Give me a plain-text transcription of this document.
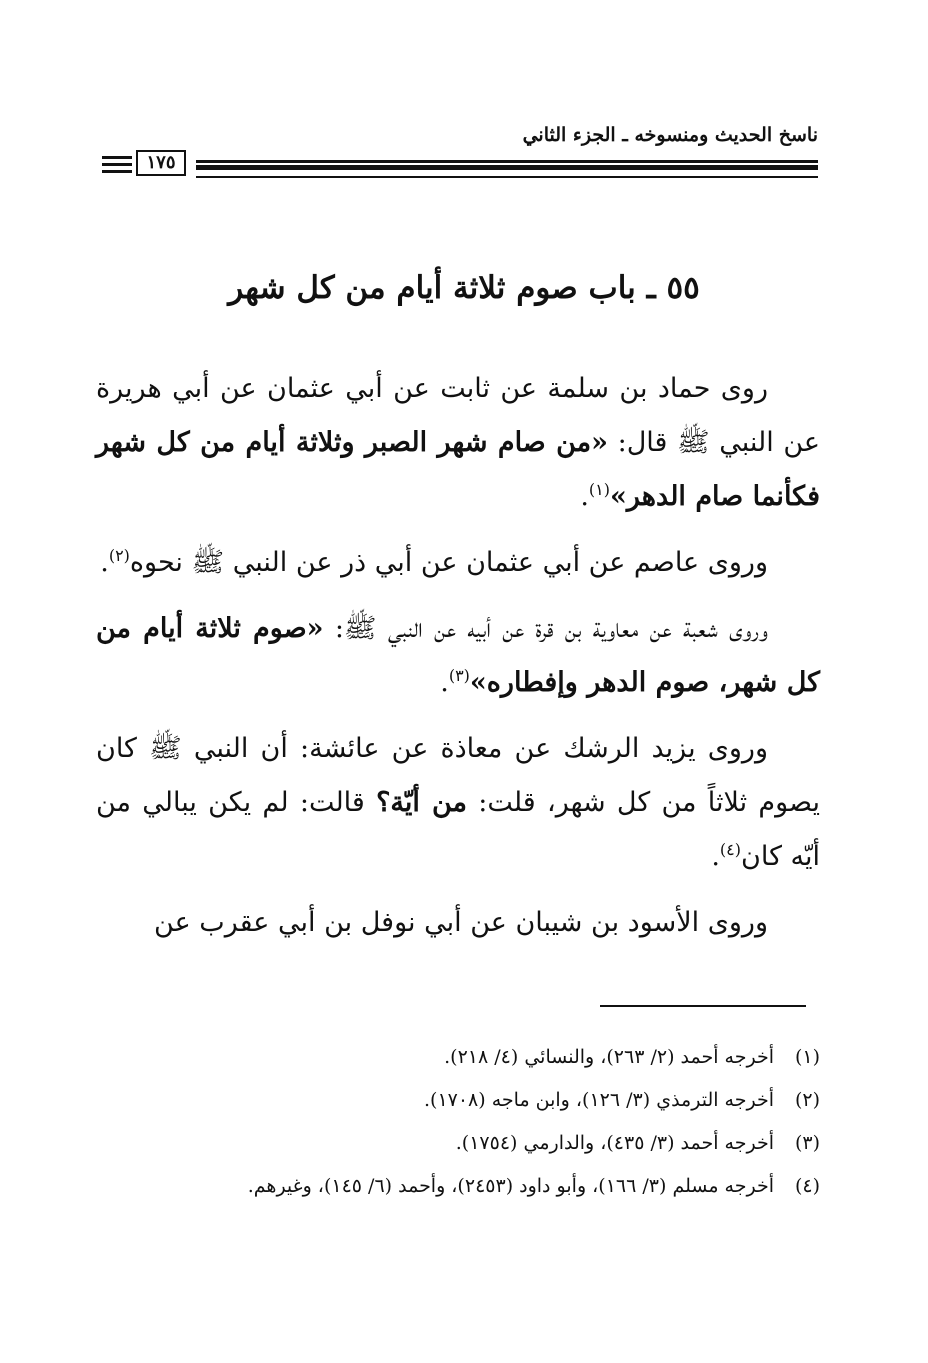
ناسخ الحديث ومنسوخه ـ الجزء الثاني
١٧٥
٥٥ ـ باب صوم ثلاثة أيام من كل شهر

روى حماد بن سلمة عن ثابت عن أبي عثمان عن أبي هريرة عن النبي ﷺ قال: «من صام شهر الصبر وثلاثة أيام من كل شهر فكأنما صام الدهر»$^{(١)}$.

وروى عاصم عن أبي عثمان عن أبي ذر عن النبي ﷺ نحوه$^{(٢)}$.

وروى شعبة عن معاوية بن قرة عن أبيه عن النبي ﷺ: «صوم ثلاثة أيام من كل شهر، صوم الدهر وإفطاره»$^{(٣)}$.

وروى يزيد الرشك عن معاذة عن عائشة: أن النبي ﷺ كان يصوم ثلاثاً من كل شهر، قلت: من أيّة؟ قالت: لم يكن يبالي من أيّه كان$^{(٤)}$.

وروى الأسود بن شيبان عن أبي نوفل بن أبي عقرب عن

(١)
أخرجه أحمد (٢/ ٢٦٣)، والنسائي (٤/ ٢١٨).
(٢)
أخرجه الترمذي (٣/ ١٢٦)، وابن ماجه (١٧٠٨).
(٣)
أخرجه أحمد (٣/ ٤٣٥)، والدارمي (١٧٥٤).
(٤)
أخرجه مسلم (٣/ ١٦٦)، وأبو داود (٢٤٥٣)، وأحمد (٦/ ١٤٥)، وغيرهم.
